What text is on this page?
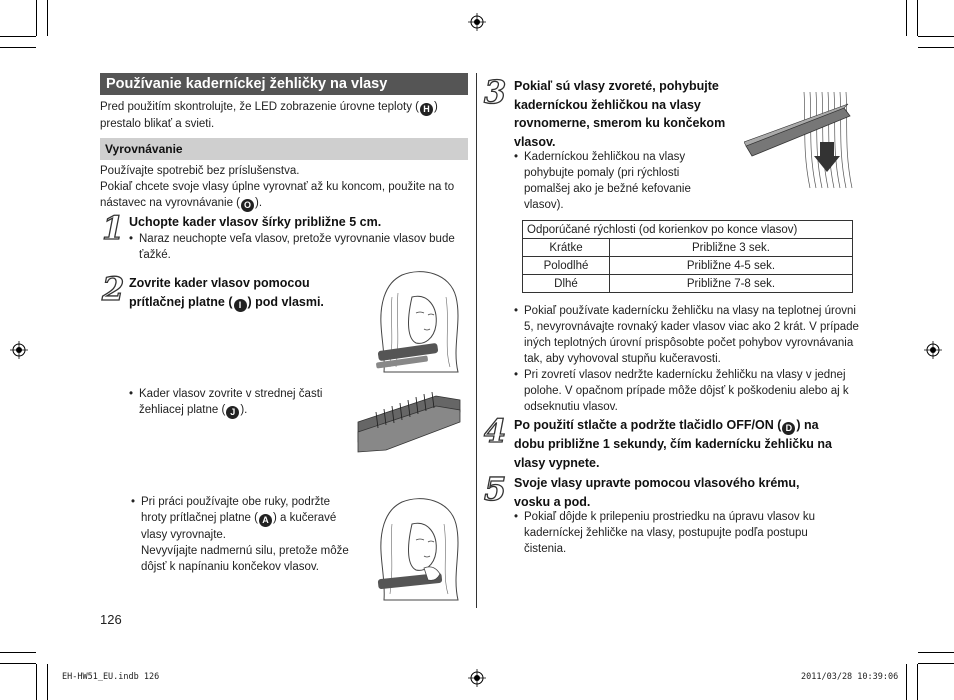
Používanie kaderníckej žehličky na vlasy
Pred použitím skontrolujte, že LED zobrazenie úrovne teploty ( H ) prestalo blikať a svieti.
Vyrovnávanie
Používajte spotrebič bez príslušenstva.
Pokiaľ chcete svoje vlasy úplne vyrovnať až ku koncom, použite na to nástavec na vyrovnávanie ( O ).
1 Uchopte kader vlasov šírky približne 5 cm.
• Naraz neuchopte veľa vlasov, pretože vyrovnanie vlasov bude ťažké.
2 Zovrite kader vlasov pomocou prítlačnej platne ( I ) pod vlasmi.
• Kader vlasov zovrite v strednej časti žehliacej platne ( J ).
• Pri práci používajte obe ruky, podržte hroty prítlačnej platne ( A ) a kučeravé vlasy vyrovnajte.
Nevyvíjajte nadmernú silu, pretože môže dôjsť k napínaniu končekov vlasov.
126
3 Pokiaľ sú vlasy zvoreté, pohybujte kaderníckou žehličkou na vlasy rovnomerne, smerom ku končekom vlasov.
• Kaderníckou žehličkou na vlasy pohybujte pomaly (pri rýchlosti pomalšej ako je bežné kefovanie vlasov).
Odporúčané rýchlosti (od korienkov po konce vlasov)	
Krátke	Približne 3 sek.
Polodlhé	Približne 4-5 sek.
Dlhé	Približne 7-8 sek.
• Pokiaľ používate kadernícku žehličku na vlasy na teplotnej úrovni 5, nevyrovnávajte rovnaký kader vlasov viac ako 2 krát. V prípade iných teplotných úrovní prispôsobte počet pohybov vyrovnávania tak, aby vyhovoval stupňu kučeravosti.
• Pri zovretí vlasov nedržte kadernícku žehličku na vlasy v jednej polohe. V opačnom prípade môže dôjsť k poškodeniu alebo aj k odseknutiu vlasov.
4 Po použití stlačte a podržte tlačidlo OFF/ON ( D ) na dobu približne 1 sekundy, čím kadernícku žehličku na vlasy vypnete.
5 Svoje vlasy upravte pomocou vlasového krému, vosku a pod.
• Pokiaľ dôjde k prilepeniu prostriedku na úpravu vlasov ku kaderníckej žehličke na vlasy, postupujte podľa postupu čistenia.
EH-HW51_EU.indb 126	2011/03/28 10:39:06
